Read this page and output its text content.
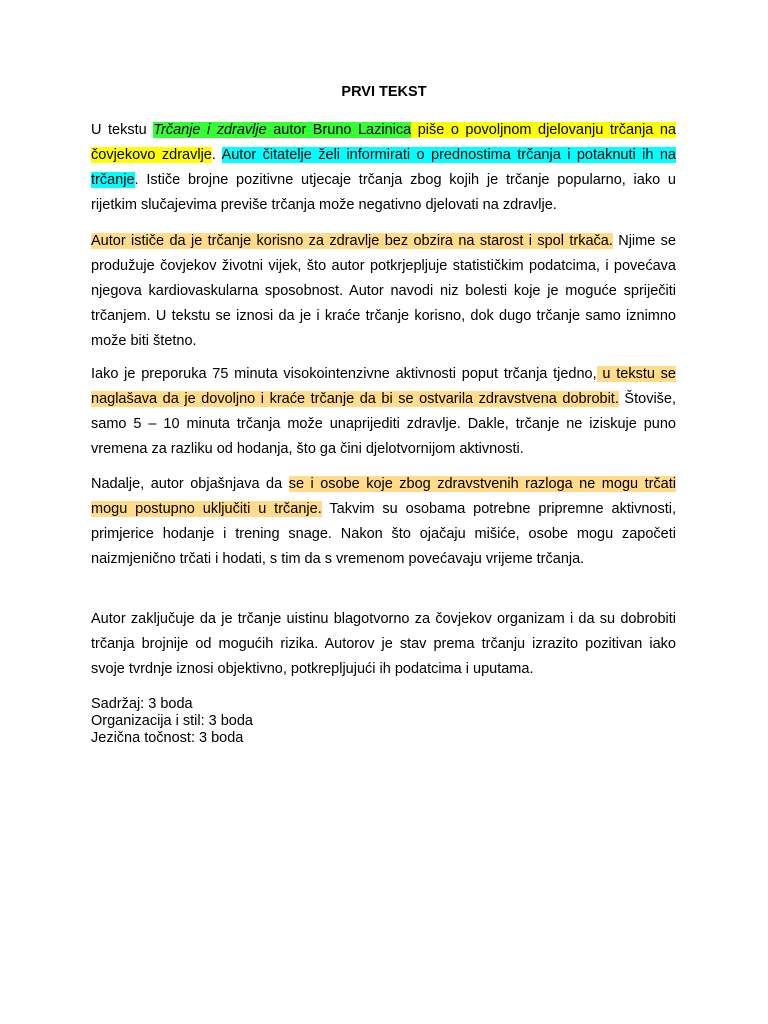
PRVI TEKST

U tekstu Trčanje i zdravlje autor Bruno Lazinica piše o povoljnom djelovanju trčanja na čovjekovo zdravlje. Autor čitatelje želi informirati o prednostima trčanja i potaknuti ih na trčanje. Ističe brojne pozitivne utjecaje trčanja zbog kojih je trčanje popularno, iako u rijetkim slučajevima previše trčanja može negativno djelovati na zdravlje.

Autor ističe da je trčanje korisno za zdravlje bez obzira na starost i spol trkača. Njime se produžuje čovjekov životni vijek, što autor potkrjepljuje statističkim podatcima, i povećava njegova kardiovaskularna sposobnost. Autor navodi niz bolesti koje je moguće spriječiti trčanjem. U tekstu se iznosi da je i kraće trčanje korisno, dok dugo trčanje samo iznimno može biti štetno.

Iako je preporuka 75 minuta visokointenzivne aktivnosti poput trčanja tjedno, u tekstu se naglašava da je dovoljno i kraće trčanje da bi se ostvarila zdravstvena dobrobit. Štoviše, samo 5 – 10 minuta trčanja može unaprijediti zdravlje. Dakle, trčanje ne iziskuje puno vremena za razliku od hodanja, što ga čini djelotvornijom aktivnosti.

Nadalje, autor objašnjava da se i osobe koje zbog zdravstvenih razloga ne mogu trčati mogu postupno uključiti u trčanje. Takvim su osobama potrebne pripremne aktivnosti, primjerice hodanje i trening snage. Nakon što ojačaju mišiće, osobe mogu započeti naizmjenično trčati i hodati, s tim da s vremenom povećavaju vrijeme trčanja.

Autor zaključuje da je trčanje uistinu blagotvorno za čovjekov organizam i da su dobrobiti trčanja brojnije od mogućih rizika. Autorov je stav prema trčanju izrazito pozitivan iako svoje tvrdnje iznosi objektivno, potkrepljujući ih podatcima i uputama.

Sadržaj: 3 boda
Organizacija i stil: 3 boda
Jezična točnost: 3 boda
